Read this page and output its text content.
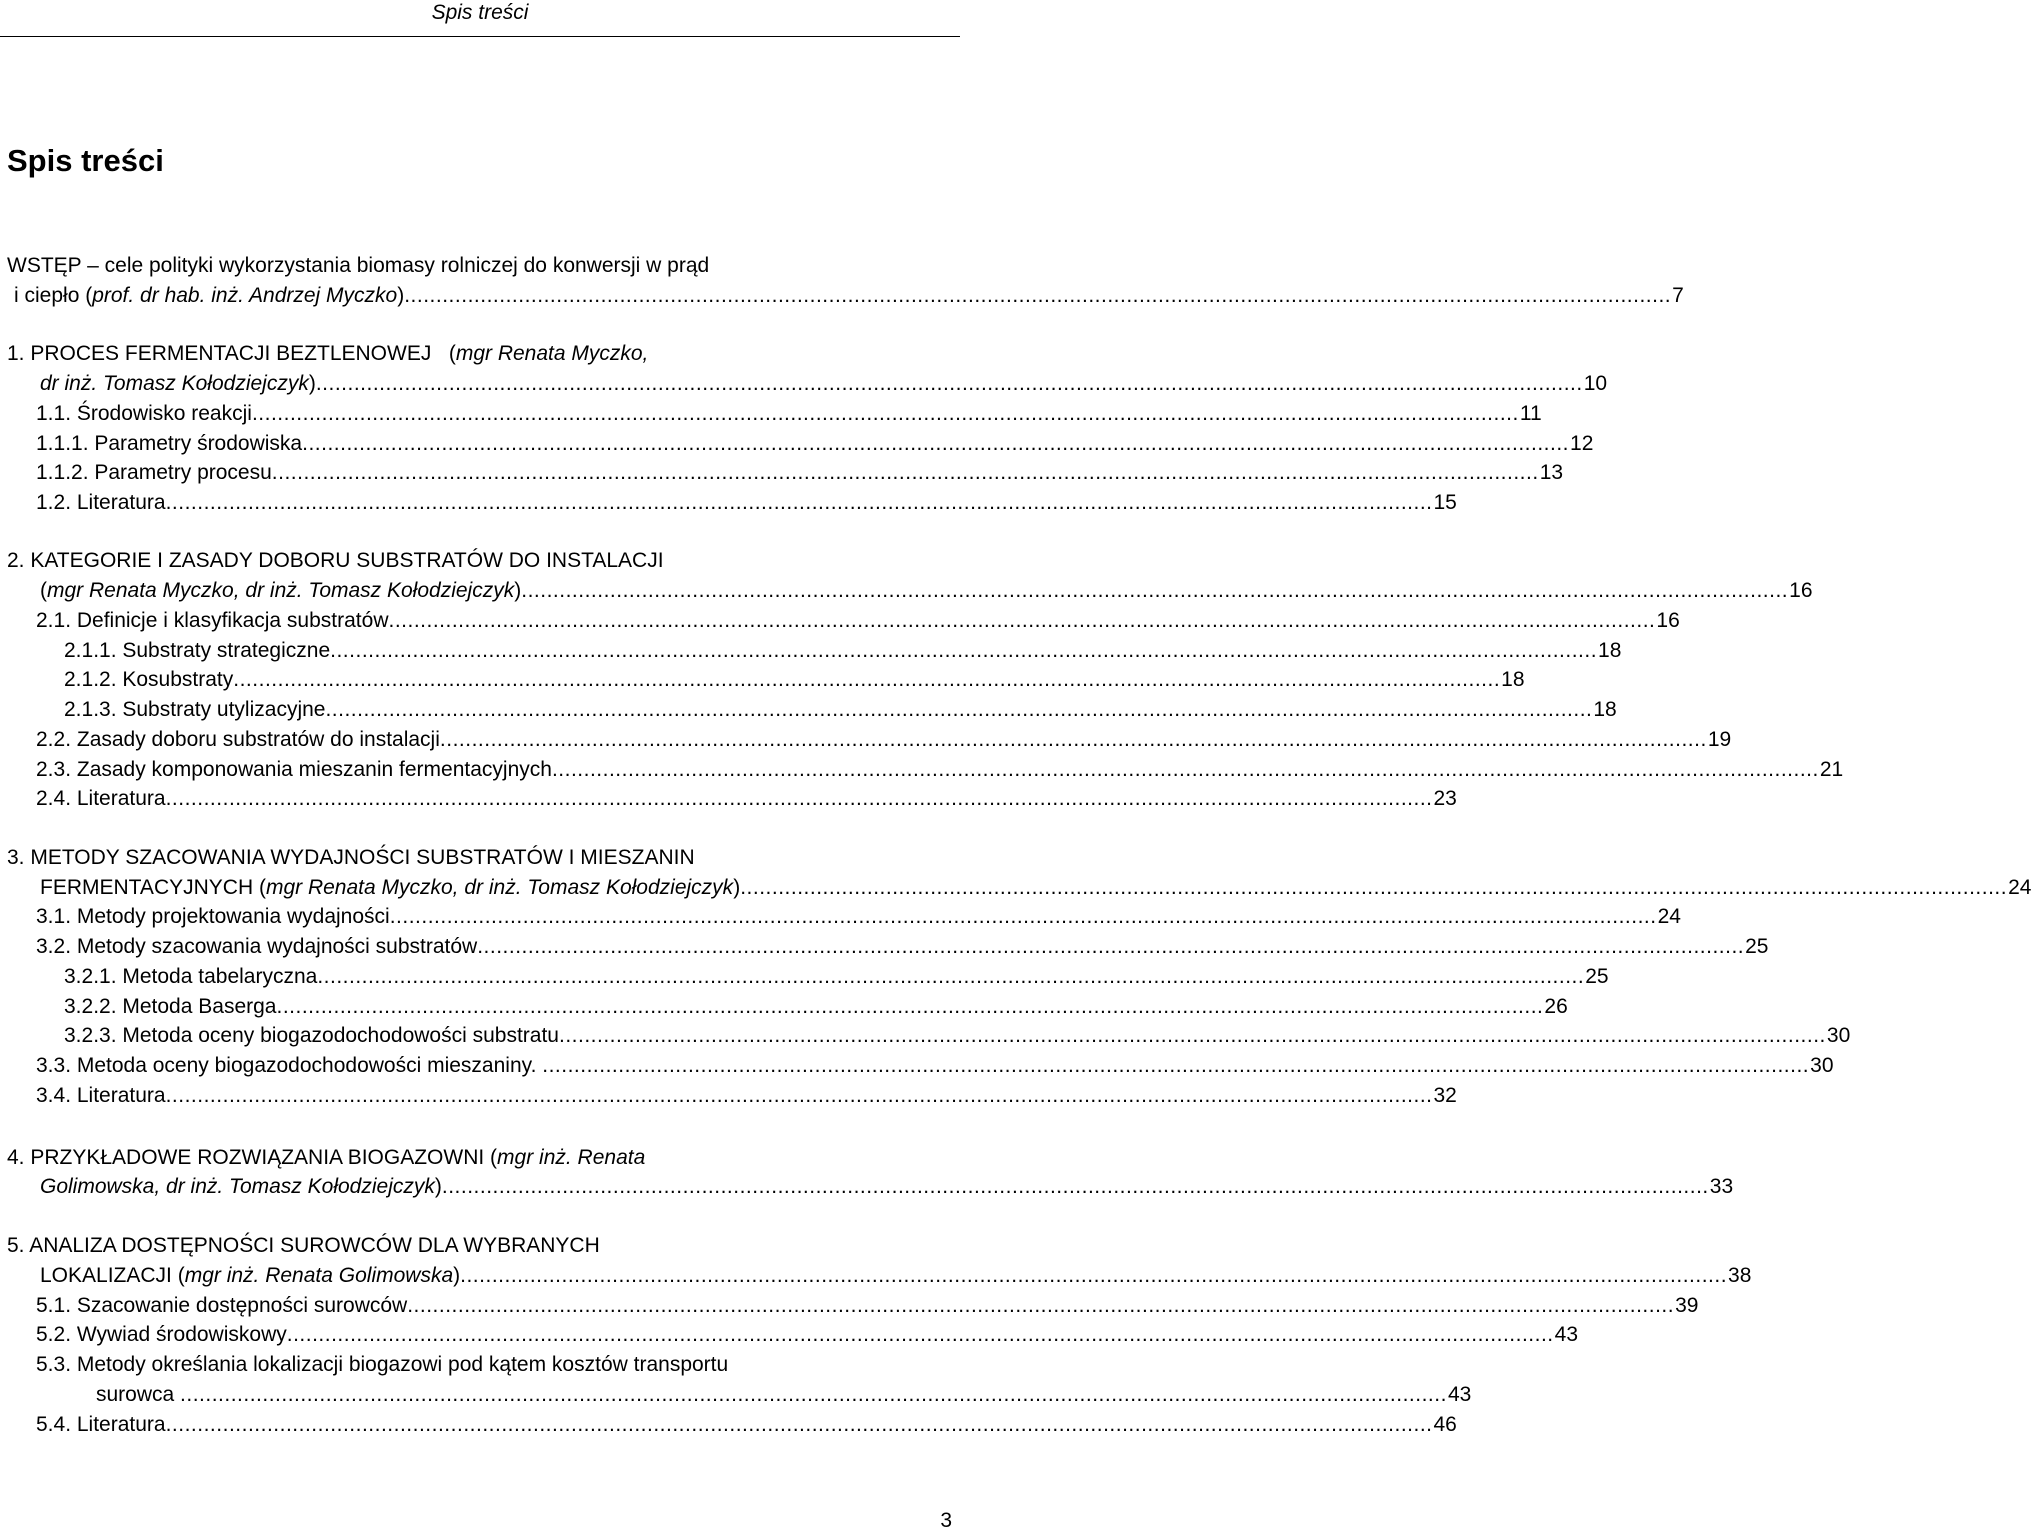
Spis treści
Spis treści
WSTĘP – cele polityki wykorzystania biomasy rolniczej do konwersji w prąd
i ciepło (prof. dr hab. inż. Andrzej Myczko) ........................................................................................................................................................................................................ 7
1. PROCES FERMENTACJI BEZTLENOWEJ   (mgr Renata Myczko,
dr inż. Tomasz Kołodziejczyk) ........................................................................................................................................................................................................ 10
1.1. Środowisko reakcji ........................................................................................................................................................................................................ 11
1.1.1. Parametry środowiska ........................................................................................................................................................................................................ 12
1.1.2. Parametry procesu ........................................................................................................................................................................................................ 13
1.2. Literatura ........................................................................................................................................................................................................ 15
2. KATEGORIE I ZASADY DOBORU SUBSTRATÓW DO INSTALACJI
(mgr Renata Myczko, dr inż. Tomasz Kołodziejczyk) ........................................................................................................................................................................................................ 16
2.1. Definicje i klasyfikacja substratów ........................................................................................................................................................................................................ 16
2.1.1. Substraty strategiczne ........................................................................................................................................................................................................ 18
2.1.2. Kosubstraty ........................................................................................................................................................................................................ 18
2.1.3. Substraty utylizacyjne ........................................................................................................................................................................................................ 18
2.2. Zasady doboru substratów do instalacji ........................................................................................................................................................................................................ 19
2.3. Zasady komponowania mieszanin fermentacyjnych ........................................................................................................................................................................................................ 21
2.4. Literatura ........................................................................................................................................................................................................ 23
3. METODY SZACOWANIA WYDAJNOŚCI SUBSTRATÓW I MIESZANIN
FERMENTACYJNYCH (mgr Renata Myczko, dr inż. Tomasz Kołodziejczyk) ........................................................................................................................................................................................................ 24
3.1. Metody projektowania wydajności ........................................................................................................................................................................................................ 24
3.2. Metody szacowania wydajności substratów ........................................................................................................................................................................................................ 25
3.2.1. Metoda tabelaryczna ........................................................................................................................................................................................................ 25
3.2.2. Metoda Baserga ........................................................................................................................................................................................................ 26
3.2.3. Metoda oceny biogazodochodowości substratu ........................................................................................................................................................................................................ 30
3.3. Metoda oceny biogazodochodowości mieszaniny. ........................................................................................................................................................................................................ 30
3.4. Literatura ........................................................................................................................................................................................................ 32
4. PRZYKŁADOWE ROZWIĄZANIA BIOGAZOWNI (mgr inż. Renata
Golimowska, dr inż. Tomasz Kołodziejczyk) ........................................................................................................................................................................................................ 33
5. ANALIZA DOSTĘPNOŚCI SUROWCÓW DLA WYBRANYCH
LOKALIZACJI (mgr inż. Renata Golimowska) ........................................................................................................................................................................................................ 38
5.1. Szacowanie dostępności surowców ........................................................................................................................................................................................................ 39
5.2. Wywiad środowiskowy ........................................................................................................................................................................................................ 43
5.3. Metody określania lokalizacji biogazowi pod kątem kosztów transportu
surowca ........................................................................................................................................................................................................ 43
5.4. Literatura ........................................................................................................................................................................................................ 46
3
